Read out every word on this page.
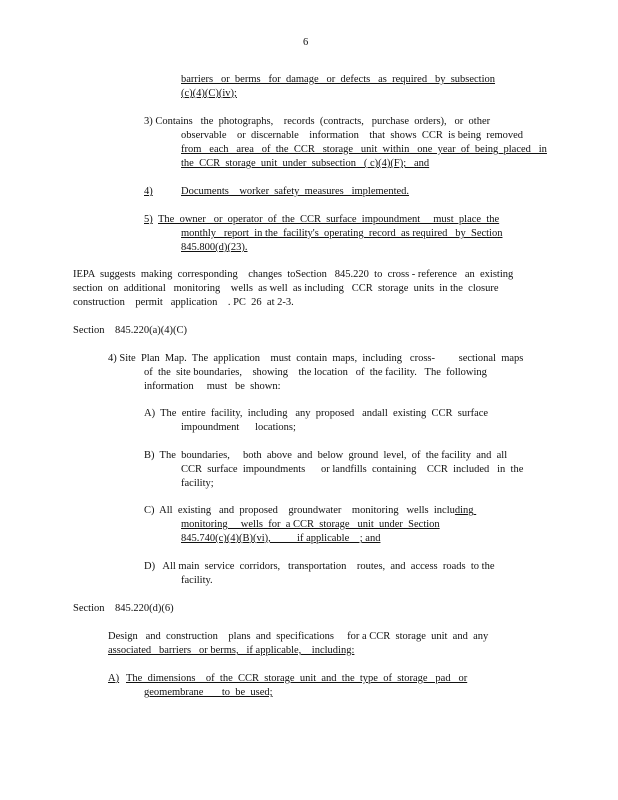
6
barriers   or  berms   for  damage   or  defects   as  required   by  subsection
(c)(4)(C)(iv);
3) Contains   the  photographs,    records  (contracts,   purchase  orders),   or  other
observable    or  discernable    information    that  shows  CCR  is being  removed
from   each   area   of  the  CCR   storage   unit  within   one  year  of  being  placed   in
the  CCR  storage  unit  under  subsection   ( c)(4)(F);   and
4)	Documents    worker  safety  measures   implemented.
5) The  owner   or  operator  of  the  CCR  surface  impoundment     must  place  the
monthly   report  in the  facility's  operating  record  as required   by  Section
845.800(d)(23).
IEPA  suggests  making  corresponding    changes  toSection   845.220  to  cross - reference   an  existing
section  on  additional   monitoring    wells  as well  as including   CCR  storage  units  in the  closure
construction    permit   application    . PC  26  at 2-3.
Section    845.220(a)(4)(C)
4) Site  Plan  Map.  The  application    must  contain  maps,  including   cross-         sectional  maps
of  the  site boundaries,    showing    the location   of  the facility.   The  following
information     must   be  shown:
A)  The  entire  facility,  including   any  proposed   andall  existing  CCR  surface
impoundment      locations;
B)  The  boundaries,     both  above  and  below  ground  level,  of  the facility  and  all
CCR  surface  impoundments      or landfills  containing    CCR  included   in  the
facility;
C)  All  existing   and  proposed    groundwater    monitoring   wells  including
monitoring     wells  for  a CCR  storage   unit  under  Section
845.740(c)(4)(B)(vi),          if applicable    ; and
D)   All main  service  corridors,   transportation    routes,  and  access  roads  to the
facility.
Section    845.220(d)(6)
Design   and  construction    plans  and  specifications     for a CCR  storage  unit  and  any
associated   barriers   or berms,   if applicable,    including:
A) The  dimensions    of  the  CCR  storage  unit  and  the  type  of  storage   pad   or
geomembrane       to  be  used;
